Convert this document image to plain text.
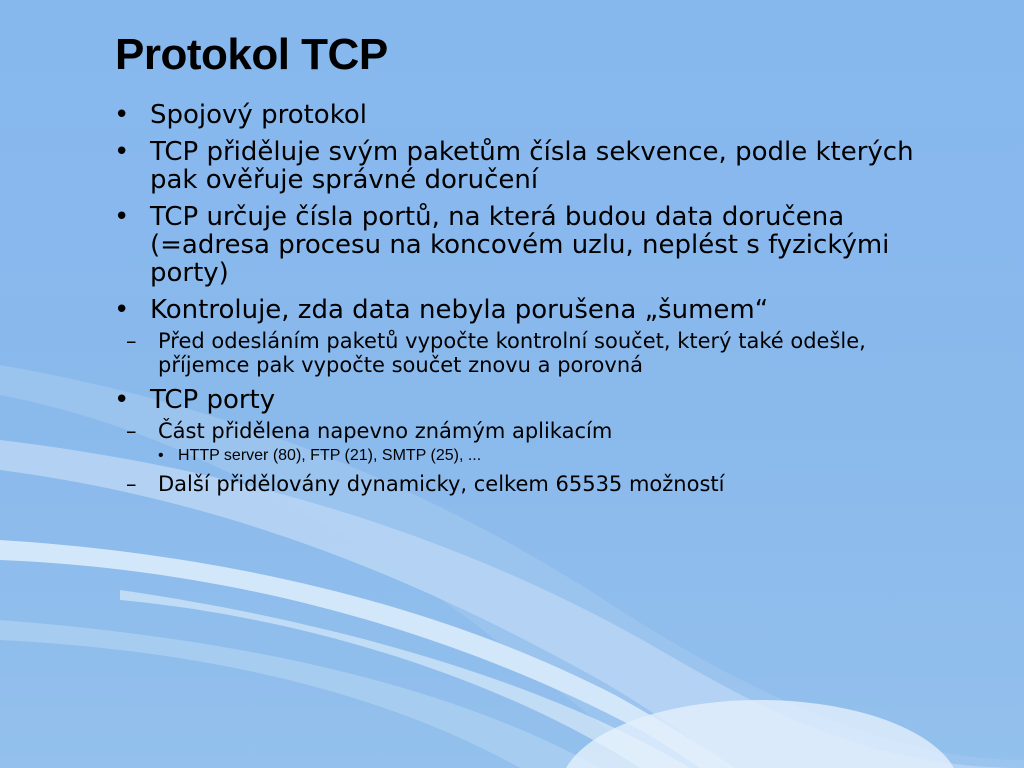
Protokol TCP
• Spojový protokol
• TCP přiděluje svým paketům čísla sekvence, podle kterých pak ověřuje správné doručení
• TCP určuje čísla portů, na která budou data doručena (=adresa procesu na koncovém uzlu, neplést s fyzickými porty)
• Kontroluje, zda data nebyla porušena „šumem“
– Před odesláním paketů vypočte kontrolní součet, který také odešle, příjemce pak vypočte součet znovu a porovná
• TCP porty
– Část přidělena napevno známým aplikacím
• HTTP server (80), FTP (21), SMTP (25), ...
– Další přidělovány dynamicky, celkem 65535 možností
